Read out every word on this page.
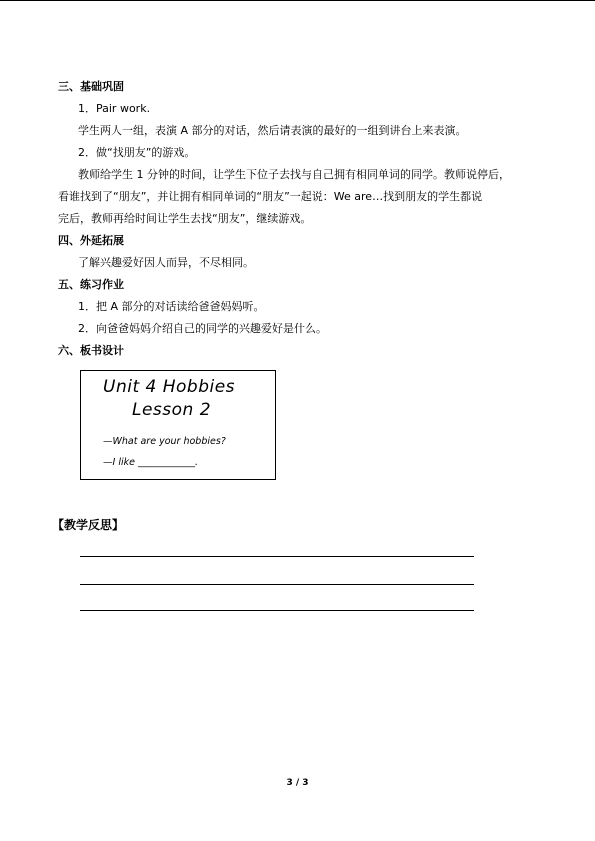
三、基础巩固
1．Pair work.
学生两人一组，表演 A 部分的对话，然后请表演的最好的一组到讲台上来表演。
2．做“找朋友”的游戏。
教师给学生 1 分钟的时间，让学生下位子去找与自己拥有相同单词的同学。教师说停后，
看谁找到了“朋友”，并让拥有相同单词的“朋友”一起说：We are…找到朋友的学生都说
完后，教师再给时间让学生去找“朋友”，继续游戏。
四、外延拓展
了解兴趣爱好因人而异，不尽相同。
五、练习作业
1．把 A 部分的对话读给爸爸妈妈听。
2．向爸爸妈妈介绍自己的同学的兴趣爱好是什么。
六、板书设计
Unit 4 Hobbies
Lesson 2
—What are your hobbies?
—I like ____________.
【教学反思】
3 / 3
